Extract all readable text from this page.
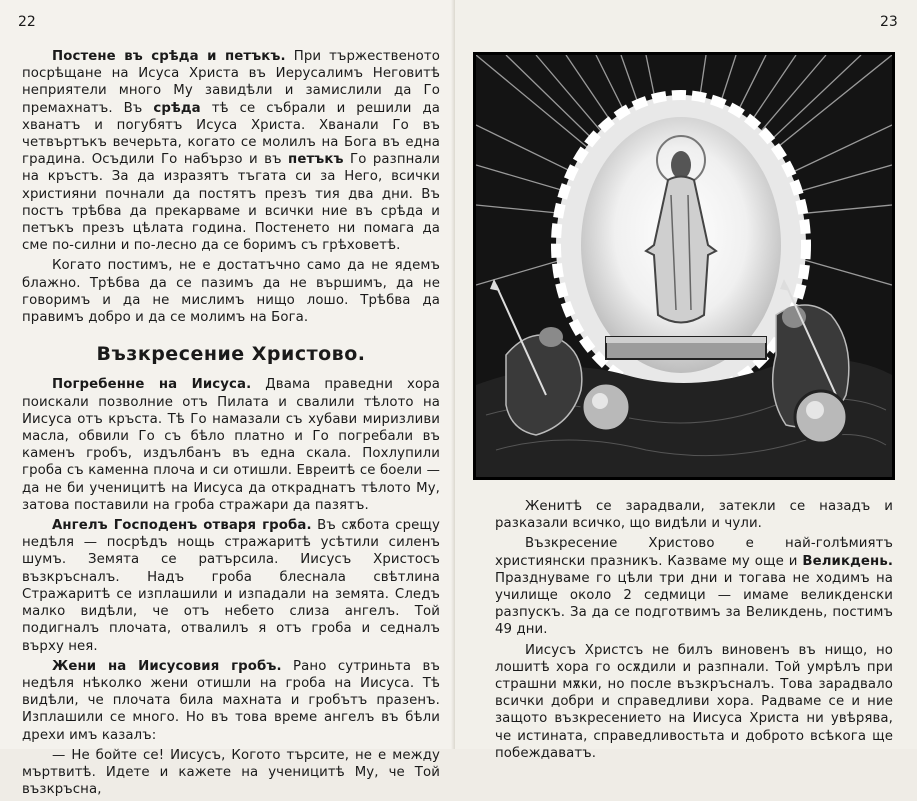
22

Постене въ срѣда и петъкъ. При тържественото посрѣщане на Исуса Христа въ Иерусалимъ Неговитѣ неприятели много Му завидѣли и замислили да Го премахнатъ. Въ срѣда тѣ се събрали и решили да хванатъ и погубятъ Исуса Христа. Хванали Го въ четвъртъкъ вечерьта, когато се молилъ на Бога въ една градина. Осъдили Го набързо и въ петъкъ Го разпнали на кръстъ. За да изразятъ тъгата си за Него, всички християни почнали да постятъ презъ тия два дни. Въ постъ трѣбва да прекарваме и всички ние въ срѣда и петъкъ презъ цѣлата година. Постенето ни помага да сме по-силни и по-лесно да се боримъ съ грѣховетѣ.

Когато постимъ, не е достатъчно само да не ядемъ блажно. Трѣбва да се пазимъ да не вършимъ, да не говоримъ и да не мислимъ нищо лошо. Трѣбва да правимъ добро и да се молимъ на Бога.

Възкресение Христово.

Погребенне на Иисуса. Двама праведни хора поискали позволние отъ Пилата и свалили тѣлото на Иисуса отъ кръста. Тѣ Го намазали съ хубави миризливи масла, обвили Го съ бѣло платно и Го погребали въ каменъ гробъ, издълбанъ въ една скала. Похлупили гроба съ каменна плоча и си отишли. Евреитѣ се боели — да не би ученицитѣ на Иисуса да откраднатъ тѣлото Му, затова поставили на гроба стражари да пазятъ.

Ангелъ Господенъ отваря гроба. Въ сѫбота срещу недѣля — посрѣдъ нощь стражаритѣ усѣтили силенъ шумъ. Земята се ратърсила. Иисусъ Христосъ възкръсналъ. Надъ гроба блеснала свѣтлина Стражаритѣ се изплашили и изпадали на земята. Следъ малко видѣли, че отъ небето слиза ангелъ. Той подигналъ плочата, отвалилъ я отъ гроба и седналъ върху нея.

Жени на Иисусовия гробъ. Рано сутриньта въ недѣля нѣколко жени отишли на гроба на Иисуса. Тѣ видѣли, че плочата била махната и гробътъ празенъ. Изплашили се много. Но въ това време ангелъ въ бѣли дрехи имъ казалъ:

— Не бойте се! Иисусъ, Когото търсите, не е между мъртвитѣ. Идете и кажете на ученицитѣ Му, че Той възкръсна,

23

Женитѣ се зарадвали, затекли се назадъ и разказали всичко, що видѣли и чули.

Възкресение Христово е най-голѣмиятъ християнски празникъ. Казваме му още и Великдень. Празднуваме го цѣли три дни и тогава не ходимъ на училище около 2 седмици — имаме великденски разпускъ. За да се подготвимъ за Великдень, постимъ 49 дни.

Иисусъ Христсъ не билъ виновенъ въ нищо, но лошитѣ хора го осѫдили и разпнали. Той умрѣлъ при страшни мѫки, но после възкръсналъ. Това зарадвало всички добри и справедливи хора. Радваме се и ние защото възкресението на Иисуса Христа ни увѣрява, че истината, справедливостьта и доброто всѣкога ще побеждаватъ.
